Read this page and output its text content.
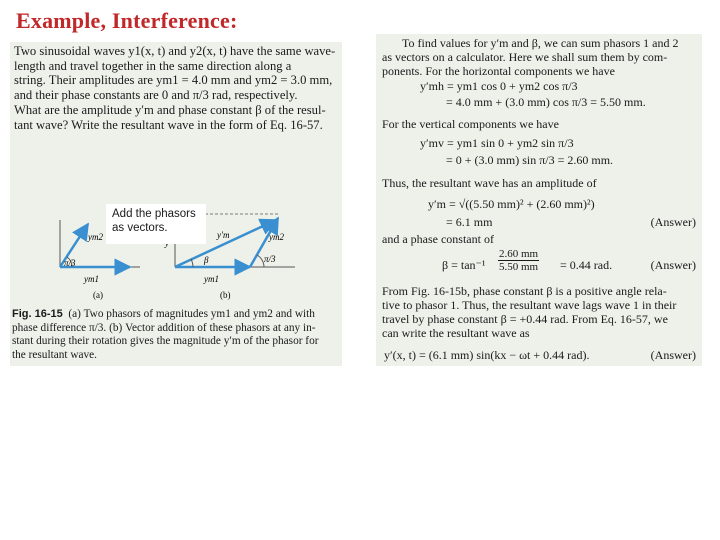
Example, Interference:
Two sinusoidal waves y1(x, t) and y2(x, t) have the same wave-
length and travel together in the same direction along a
string. Their amplitudes are ym1 = 4.0 mm and ym2 = 3.0 mm,
and their phase constants are 0 and π/3 rad, respectively.
What are the amplitude y′m and phase constant β of the resul-
tant wave? Write the resultant wave in the form of Eq. 16-57.
ym2
π/3
ym1
(a)
y′m
β
ym2
π/3
ym1
(b)
Add the phasors
as vectors.
Fig. 16-15 (a) Two phasors of magnitudes ym1 and ym2 and with
phase difference π/3. (b) Vector addition of these phasors at any in-
stant during their rotation gives the magnitude y′m of the phasor for
the resultant wave.
To find values for y′m and β, we can sum phasors 1 and 2
as vectors on a calculator. Here we shall sum them by com-
ponents. For the horizontal components we have
y′mh = ym1 cos 0 + ym2 cos π/3
= 4.0 mm + (3.0 mm) cos π/3 = 5.50 mm.
For the vertical components we have
y′mv = ym1 sin 0 + ym2 sin π/3
= 0 + (3.0 mm) sin π/3 = 2.60 mm.
Thus, the resultant wave has an amplitude of
y′m = √((5.50 mm)² + (2.60 mm)²)
= 6.1 mm	(Answer)
and a phase constant of
$\beta = \tan^{-1} \frac{2.60 mm}{5.50 mm} = 0.44$ rad.	(Answer)
From Fig. 16-15b, phase constant β is a positive angle rela-
tive to phasor 1. Thus, the resultant wave lags wave 1 in their
travel by phase constant β = +0.44 rad. From Eq. 16-57, we
can write the resultant wave as
y′(x, t) = (6.1 mm) sin(kx − ωt + 0.44 rad).	(Answer)
